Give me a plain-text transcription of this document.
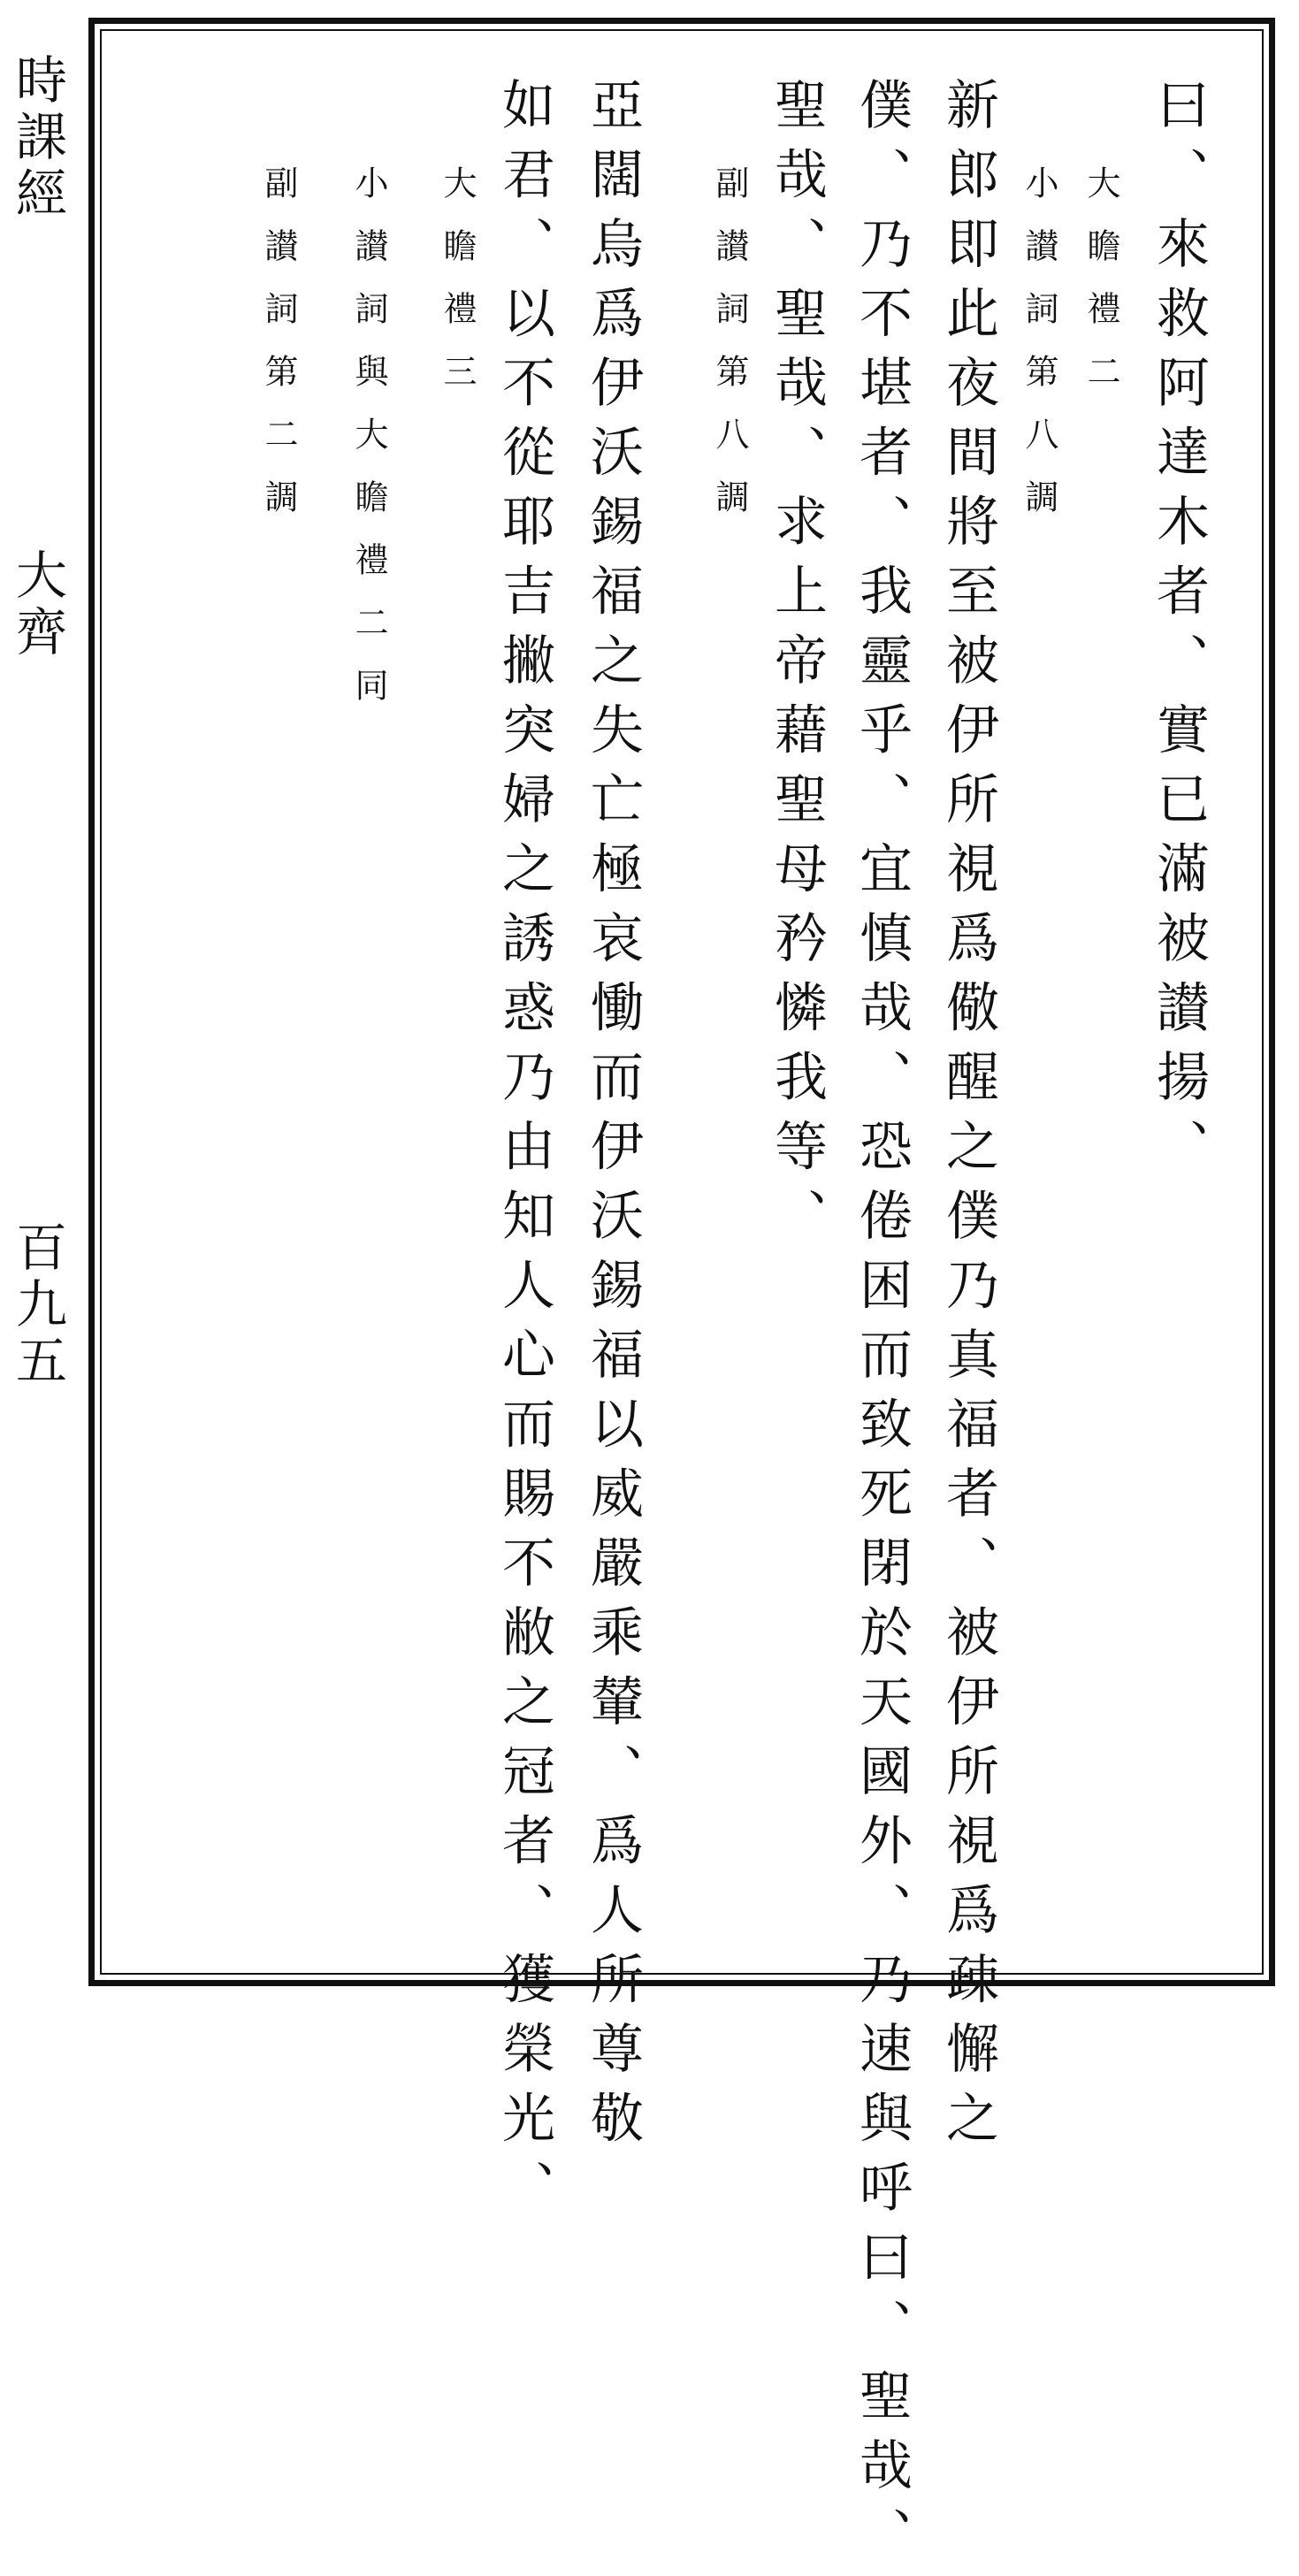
時課經
大齊
百九五
曰、來救阿達木者、實已滿被讃揚、
大瞻禮二
小讃詞第八調
新郎即此夜間將至被伊所視爲儆醒之僕乃真福者、被伊所視爲疎懈之
僕、乃不堪者、我靈乎、宜慎哉、恐倦困而致死閉於天國外、乃速與呼曰、聖哉、
聖哉、聖哉、求上帝藉聖母矜憐我等、
副讃詞第八調
亞闊烏爲伊沃錫福之失亡極哀慟而伊沃錫福以威嚴乘輦、爲人所尊敬
如君、以不從耶吉撇突婦之誘惑乃由知人心而賜不敝之冠者、獲榮光、
大瞻禮三
小讃詞與大瞻禮二同
副讃詞第二調
